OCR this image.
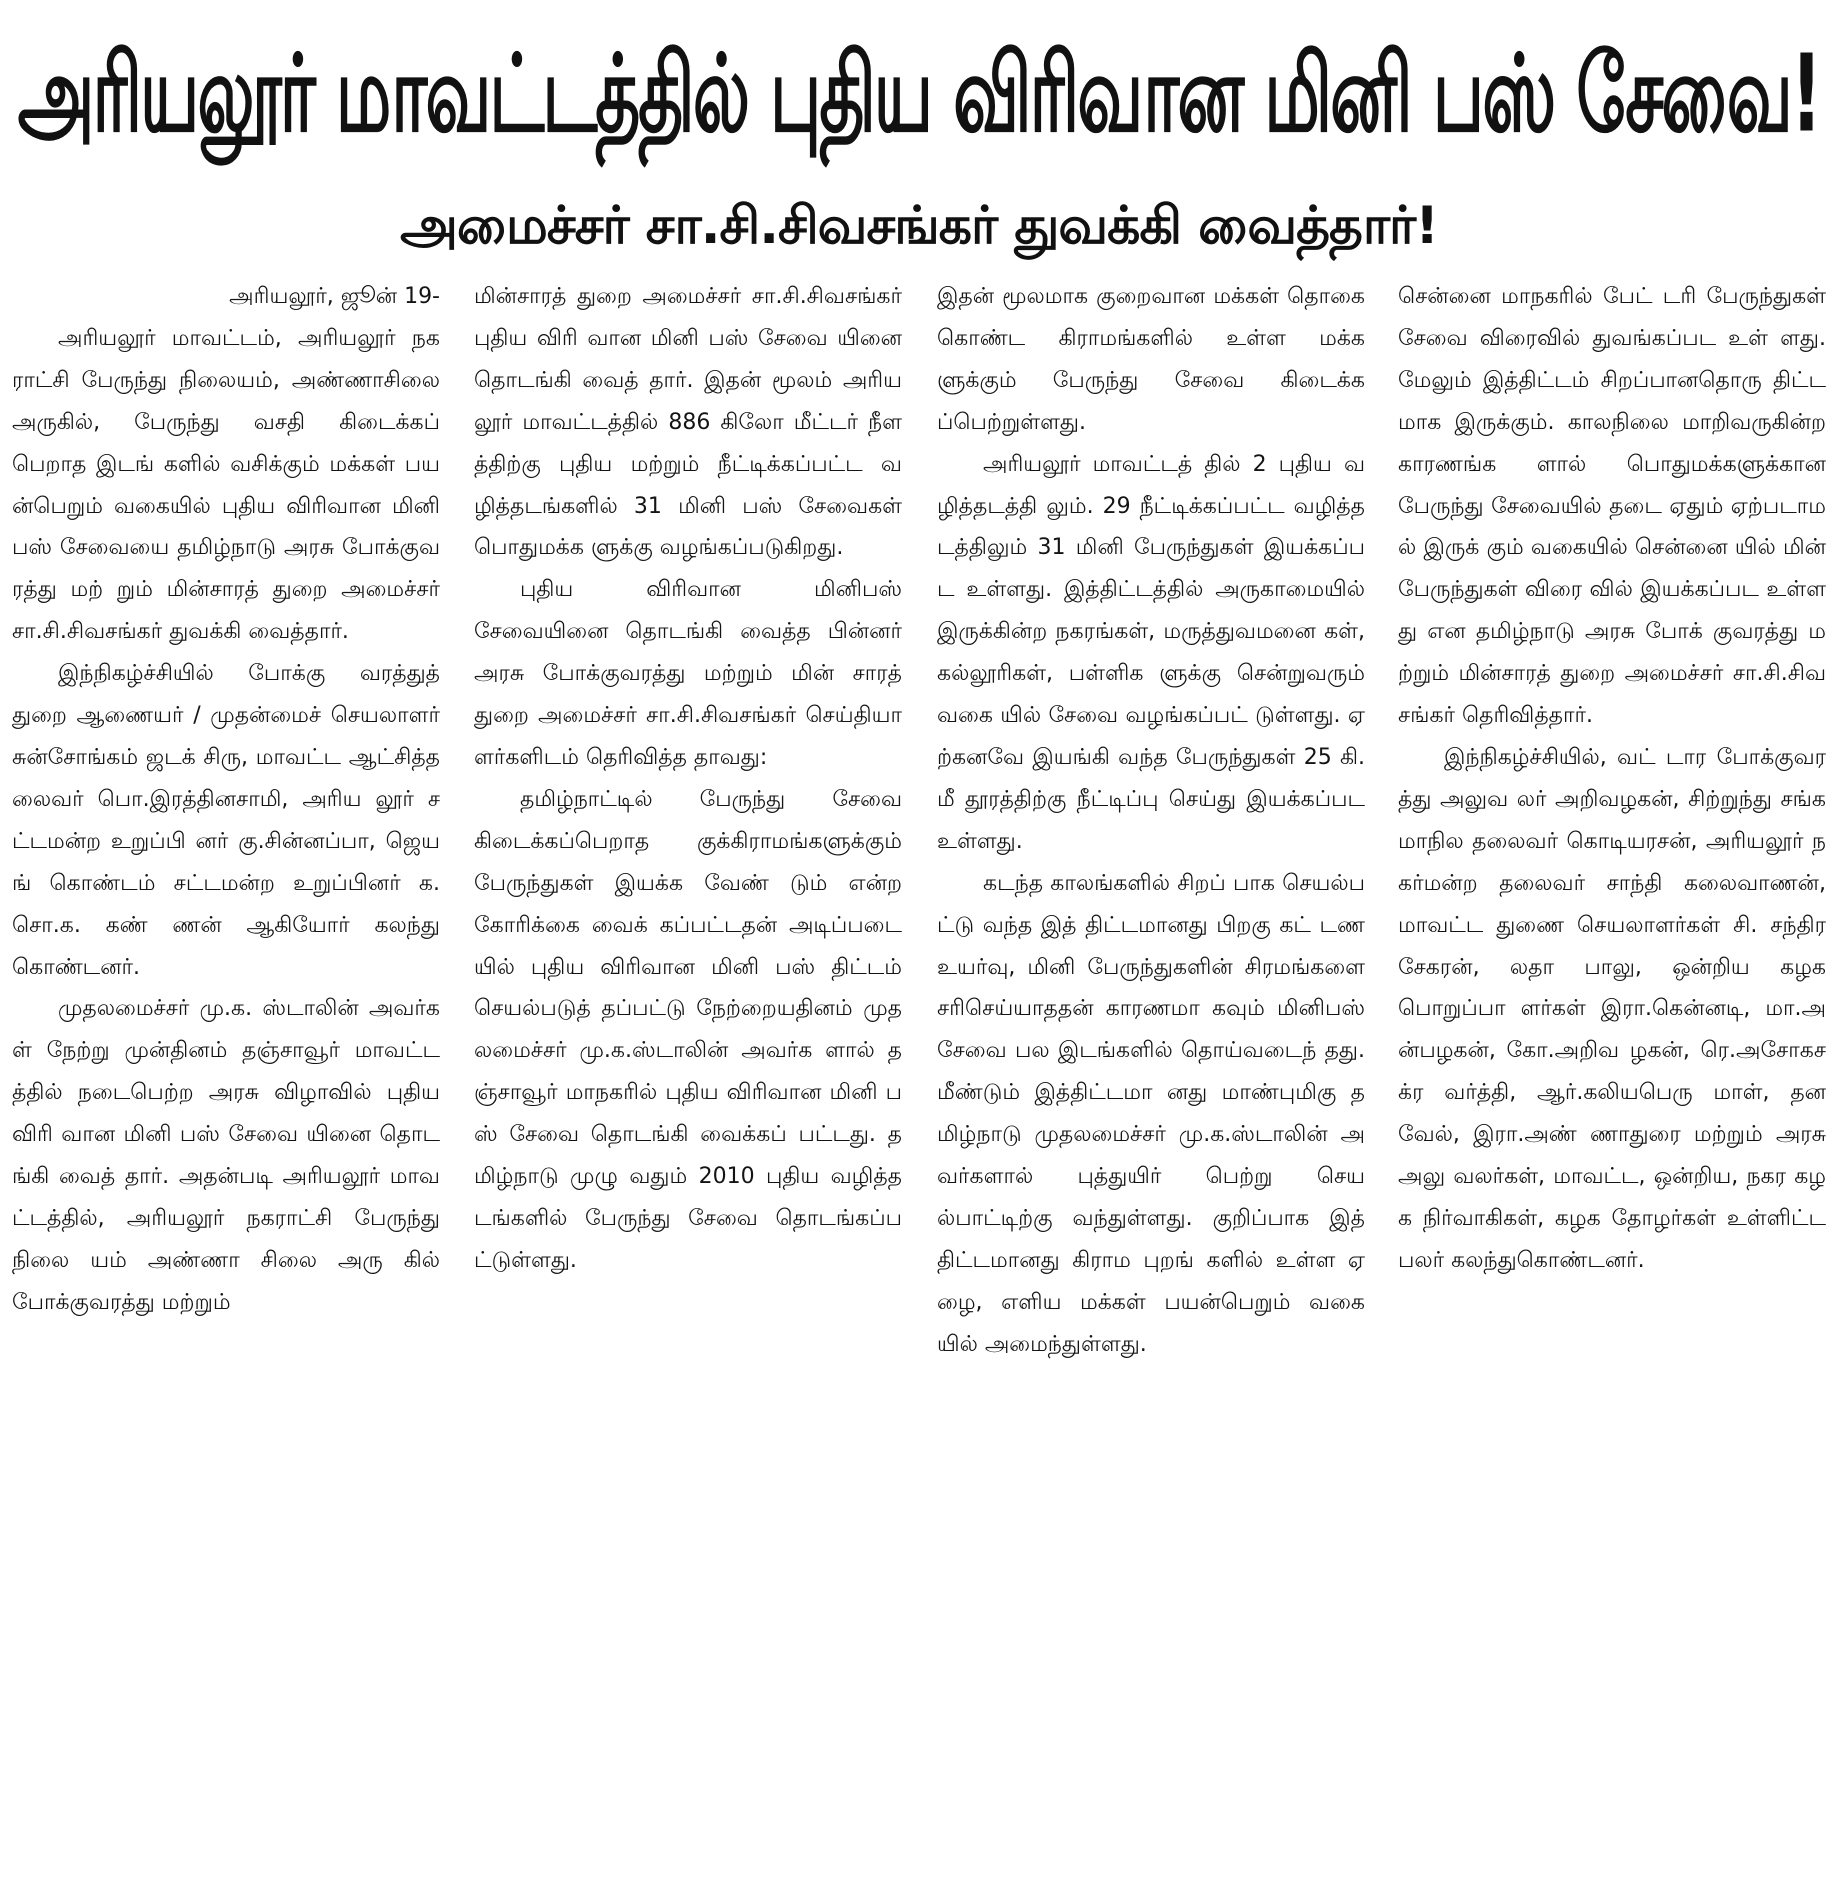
அரியலூர் மாவட்டத்தில் புதிய விரிவான மினி பஸ் சேவை!
அமைச்சர் சா.சி.சிவசங்கர் துவக்கி வைத்தார்!

அரியலூர், ஜூன் 19-

அரியலூர் மாவட்டம், அரியலூர் நகராட்சி பேருந்து நிலையம், அண்ணாசிலை அருகில், பேருந்து வசதி கிடைக்கப் பெறாத இடங் களில் வசிக்கும் மக்கள் பயன்பெறும் வகையில் புதிய விரிவான மினி பஸ் சேவையை தமிழ்நாடு அரசு போக்குவரத்து மற் றும் மின்சாரத் துறை அமைச்சர் சா.சி.சிவசங்கர் துவக்கி வைத்தார்.

இந்நிகழ்ச்சியில் போக்கு வரத்துத் துறை ஆணையர் / முதன்மைச் செயலாளர் சுன்சோங்கம் ஜடக் சிரு, மாவட்ட ஆட்சித்தலைவர் பொ.இரத்தினசாமி, அரிய லூர் சட்டமன்ற உறுப்பி னர் கு.சின்னப்பா, ஜெயங் கொண்டம் சட்டமன்ற உறுப்பினர் க.சொ.க. கண் ணன் ஆகியோர் கலந்து கொண்டனர்.

முதலமைச்சர் மு.க. ஸ்டாலின் அவர்கள் நேற்று முன்தினம் தஞ்சாவூர் மாவட்டத்தில் நடைபெற்ற அரசு விழாவில் புதிய விரி வான மினி பஸ் சேவை யினை தொடங்கி வைத் தார். அதன்படி அரியலூர் மாவட்டத்தில், அரியலூர் நகராட்சி பேருந்து நிலை யம் அண்ணா சிலை அரு கில் போக்குவரத்து மற்றும்

மின்சாரத் துறை அமைச்சர் சா.சி.சிவசங்கர் புதிய விரி வான மினி பஸ் சேவை யினை தொடங்கி வைத் தார். இதன் மூலம் அரியலூர் மாவட்டத்தில் 886 கிலோ மீட்டர் நீளத்திற்கு புதிய மற்றும் நீட்டிக்கப்பட்ட வழித்தடங்களில் 31 மினி பஸ் சேவைகள் பொதுமக்க ளுக்கு வழங்கப்படுகிறது.

புதிய விரிவான மினிபஸ் சேவையினை தொடங்கி வைத்த பின்னர் அரசு போக்குவரத்து மற்றும் மின் சாரத் துறை அமைச்சர் சா.சி.சிவசங்கர் செய்தியா ளர்களிடம் தெரிவித்த தாவது:

தமிழ்நாட்டில் பேருந்து சேவை கிடைக்கப்பெறாத குக்கிராமங்களுக்கும் பேருந்துகள் இயக்க வேண் டும் என்ற கோரிக்கை வைக் கப்பட்டதன் அடிப்படை யில் புதிய விரிவான மினி பஸ் திட்டம் செயல்படுத் தப்பட்டு நேற்றையதினம் முதலமைச்சர் மு.க.ஸ்டாலின் அவர்க ளால் தஞ்சாவூர் மாநகரில் புதிய விரிவான மினி பஸ் சேவை தொடங்கி வைக்கப் பட்டது. தமிழ்நாடு முழு வதும் 2010 புதிய வழித்த டங்களில் பேருந்து சேவை தொடங்கப்பட்டுள்ளது.

இதன் மூலமாக குறைவான மக்கள் தொகை கொண்ட கிராமங்களில் உள்ள மக்க ளுக்கும் பேருந்து சேவை கிடைக்கப்பெற்றுள்ளது.

அரியலூர் மாவட்டத் தில் 2 புதிய வழித்தடத்தி லும். 29 நீட்டிக்கப்பட்ட வழித்தடத்திலும் 31 மினி பேருந்துகள் இயக்கப்பட உள்ளது. இத்திட்டத்தில் அருகாமையில் இருக்கின்ற நகரங்கள், மருத்துவமனை கள், கல்லூரிகள், பள்ளிக ளுக்கு சென்றுவரும் வகை யில் சேவை வழங்கப்பட் டுள்ளது. ஏற்கனவே இயங்கி வந்த பேருந்துகள் 25 கி.மீ தூரத்திற்கு நீட்டிப்பு செய்து இயக்கப்பட உள்ளது.

கடந்த காலங்களில் சிறப் பாக செயல்பட்டு வந்த இத் திட்டமானது பிறகு கட் டண உயர்வு, மினி பேருந்துகளின் சிரமங்களை சரிசெய்யாததன் காரணமா கவும் மினிபஸ் சேவை பல இடங்களில் தொய்வடைந் தது. மீண்டும் இத்திட்டமா னது மாண்புமிகு தமிழ்நாடு முதலமைச்சர் மு.க.ஸ்டாலின் அவர்களால் புத்துயிர் பெற்று செயல்பாட்டிற்கு வந்துள்ளது. குறிப்பாக இத் திட்டமானது கிராம புறங் களில் உள்ள ஏழை, எளிய மக்கள் பயன்பெறும் வகை யில் அமைந்துள்ளது.

சென்னை மாநகரில் பேட் டரி பேருந்துகள் சேவை விரைவில் துவங்கப்பட உள் ளது. மேலும் இத்திட்டம் சிறப்பானதொரு திட்ட மாக இருக்கும். காலநிலை மாறிவருகின்ற காரணங்க ளால் பொதுமக்களுக்கான பேருந்து சேவையில் தடை ஏதும் ஏற்படாமல் இருக் கும் வகையில் சென்னை யில் மின் பேருந்துகள் விரை வில் இயக்கப்பட உள்ளது என தமிழ்நாடு அரசு போக் குவரத்து மற்றும் மின்சாரத் துறை அமைச்சர் சா.சி.சிவ சங்கர் தெரிவித்தார்.

இந்நிகழ்ச்சியில், வட் டார போக்குவரத்து அலுவ லர் அறிவழகன், சிற்றுந்து சங்க மாநில தலைவர் கொடியரசன், அரியலூர் நகர்மன்ற தலைவர் சாந்தி கலைவாணன், மாவட்ட துணை செயலாளர்கள் சி. சந்திரசேகரன், லதா பாலு, ஒன்றிய கழக பொறுப்பா ளர்கள் இரா.கென்னடி, மா.அன்பழகன், கோ.அறிவ ழகன், ரெ.அசோகசக்ர வர்த்தி, ஆர்.கலியபெரு மாள், தனவேல், இரா.அண் ணாதுரை மற்றும் அரசு அலு வலர்கள், மாவட்ட, ஒன்றிய, நகர கழக நிர்வாகிகள், கழக தோழர்கள் உள்ளிட்ட பலர் கலந்துகொண்டனர்.
